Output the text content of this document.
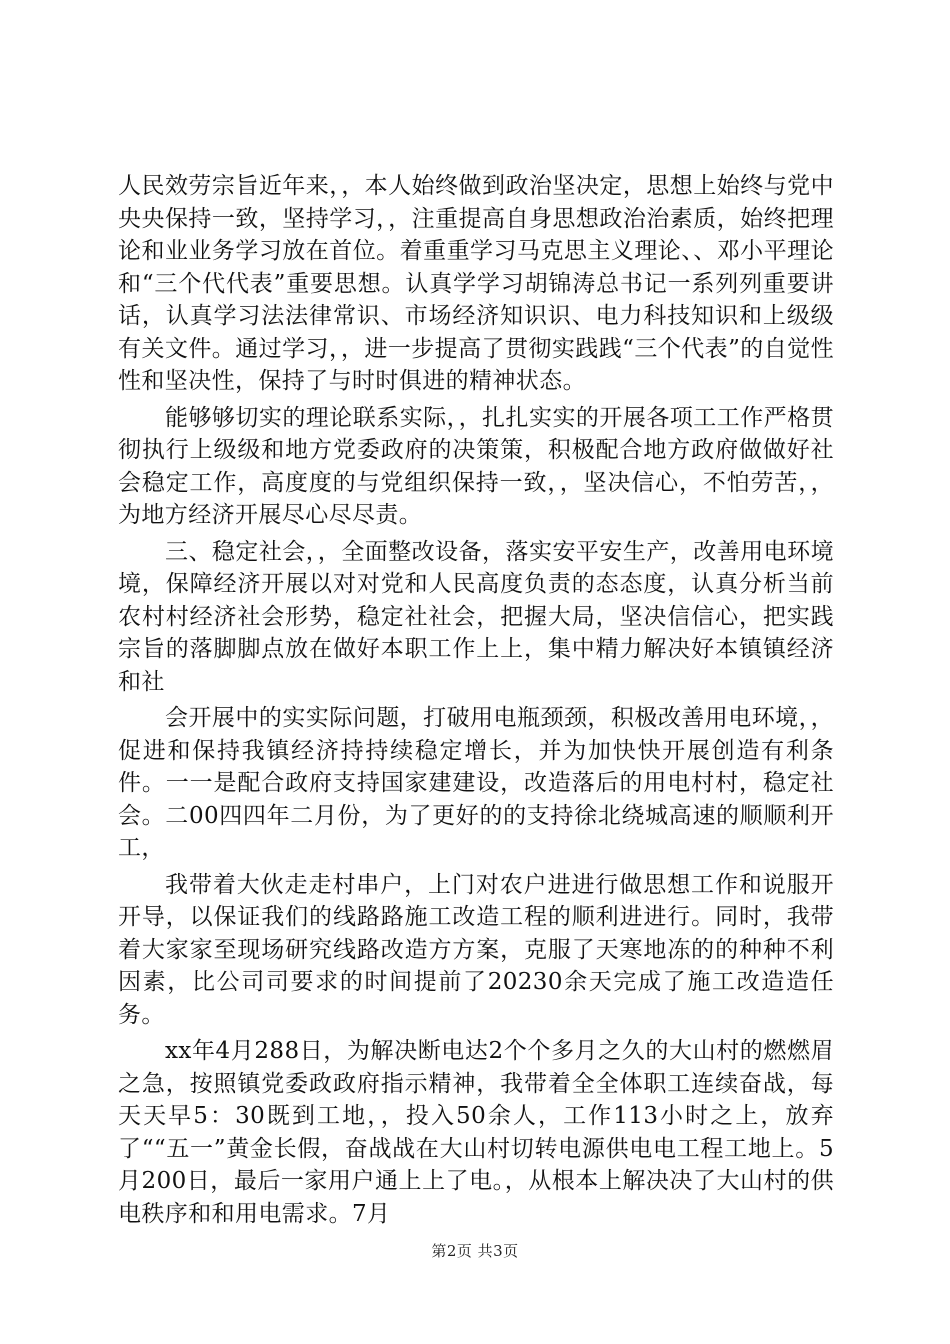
人民效劳宗旨近年来，，本人始终做到政治坚决定，思想上始终与党中央央保持一致，坚持学习，，注重提高自身思想政治治素质，始终把理论和业业务学习放在首位。着重重学习马克思主义理论、、邓小平理论和“三个代代表”重要思想。认真学学习胡锦涛总书记一系列列重要讲话，认真学习法法律常识、市场经济知识识、电力科技知识和上级级有关文件。通过学习，，进一步提高了贯彻实践践“三个代表”的自觉性性和坚决性，保持了与时时俱进的精神状态。

能够够切实的理论联系实际，，扎扎实实的开展各项工工作严格贯彻执行上级级和地方党委政府的决策策，积极配合地方政府做做好社会稳定工作，高度度的与党组织保持一致，，坚决信心，不怕劳苦，，为地方经济开展尽心尽尽责。

三、稳定社会，，全面整改设备，落实安平安生产，改善用电环境境，保障经济开展以对对党和人民高度负责的态态度，认真分析当前农村村经济社会形势，稳定社社会，把握大局，坚决信信心，把实践宗旨的落脚脚点放在做好本职工作上上，集中精力解决好本镇镇经济和社

会开展中的实实际问题，打破用电瓶颈颈，积极改善用电环境，，促进和保持我镇经济持持续稳定增长，并为加快快开展创造有利条件。一一是配合政府支持国家建建设，改造落后的用电村村，稳定社会。二00四四年二月份，为了更好的的支持徐北绕城高速的顺顺利开工，

我带着大伙走走村串户，上门对农户进进行做思想工作和说服开开导，以保证我们的线路路施工改造工程的顺利进进行。同时，我带着大家家至现场研究线路改造方方案，克服了天寒地冻的的种种不利因素，比公司司要求的时间提前了20230余天完成了施工改造造任务。

xx年4月288日，为解决断电达2个个多月之久的大山村的燃燃眉之急，按照镇党委政政府指示精神，我带着全全体职工连续奋战，每天天早5：30既到工地，，投入50余人，工作113小时之上，放弃了““五一”黄金长假，奋战战在大山村切转电源供电电工程工地上。5月200日，最后一家用户通上上了电。，从根本上解决决了大山村的供电秩序和和用电需求。7月

第2页 共3页
